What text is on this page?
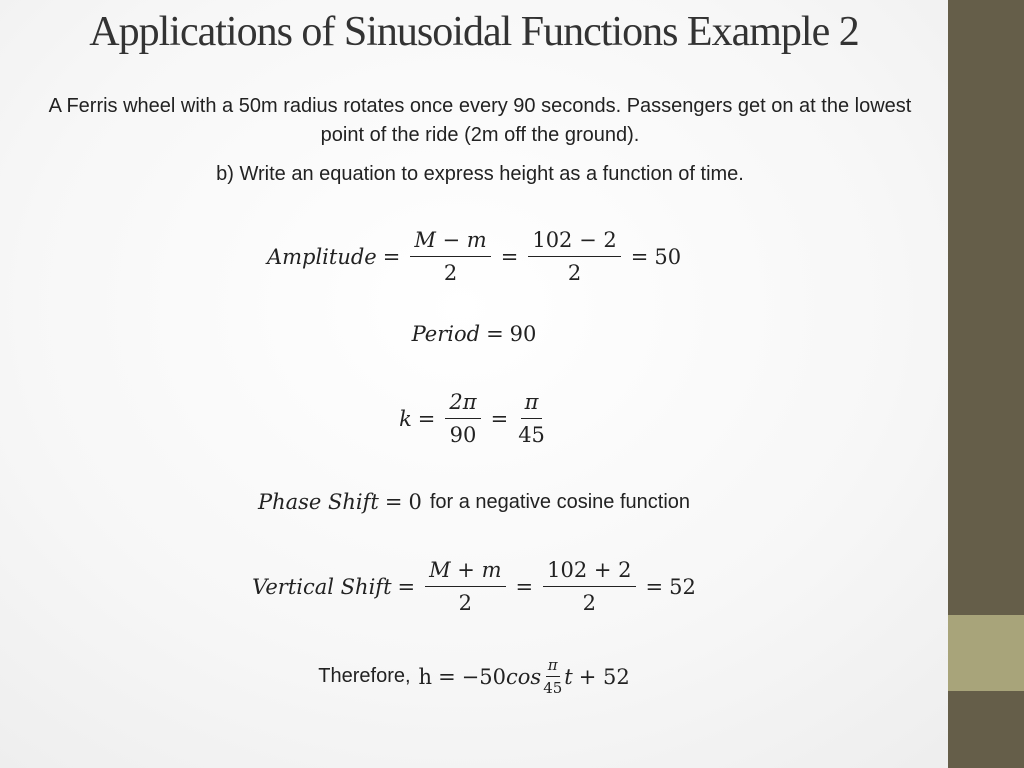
Applications of Sinusoidal Functions Example 2

A Ferris wheel with a 50m radius rotates once every 90 seconds. Passengers get on at the lowest point of the ride (2m off the ground).

b) Write an equation to express height as a function of time.

Amplitude = $\frac{M - m}{2} = \frac{102 - 2}{2} = 50$
Period = 90
$k = \frac{2\pi}{90} = \frac{\pi}{45}$
Phase Shift = 0 for a negative cosine function
Vertical Shift = $\frac{M + m}{2} = \frac{102 + 2}{2} = 52$
Therefore, h = −50 $\cos \frac{\pi}{45}$ t + 52
